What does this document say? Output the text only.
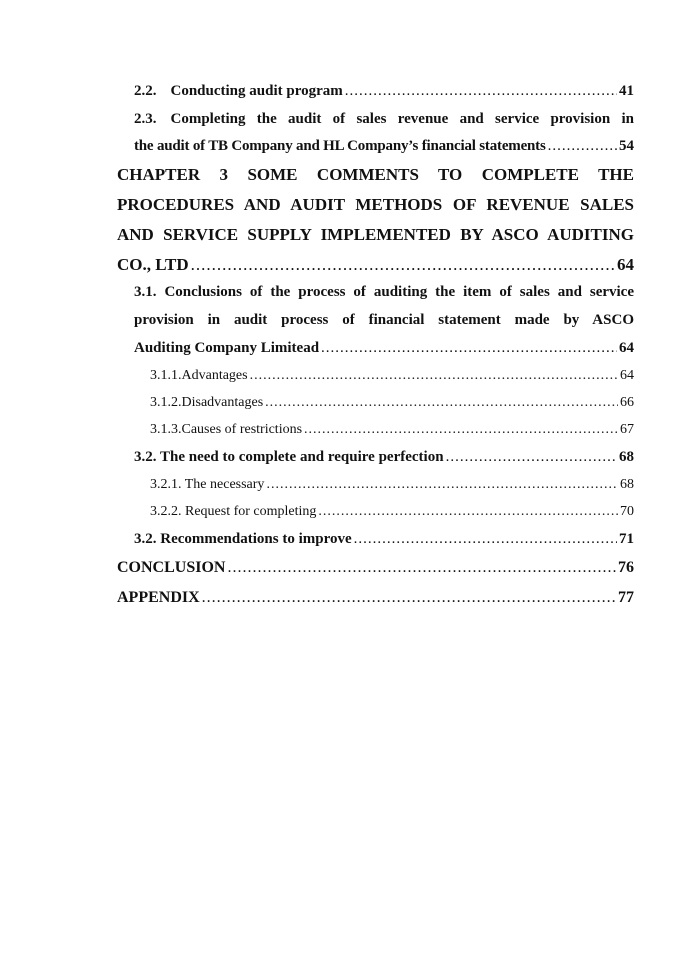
2.2. Conducting audit program .....	41
2.3. Completing the audit of sales revenue and service provision in
the audit of TB Company and HL Company’s financial statements .....	54
CHAPTER 3 SOME COMMENTS TO COMPLETE THE
PROCEDURES AND AUDIT METHODS OF REVENUE SALES
AND SERVICE SUPPLY IMPLEMENTED BY ASCO AUDITING
CO., LTD .....	64
3.1. Conclusions of the process of auditing the item of sales and service
provision in audit process of financial statement made by ASCO
Auditing Company Limitead .....	64
3.1.1. Advantages .....	64
3.1.2. Disadvantages .....	66
3.1.3. Causes of restrictions .....	67
3.2. The need to complete and require perfection .....	68
3.2.1. The necessary .....	68
3.2.2. Request for completing .....	70
3.2. Recommendations to improve .....	71
CONCLUSION .....	76
APPENDIX .....	77
